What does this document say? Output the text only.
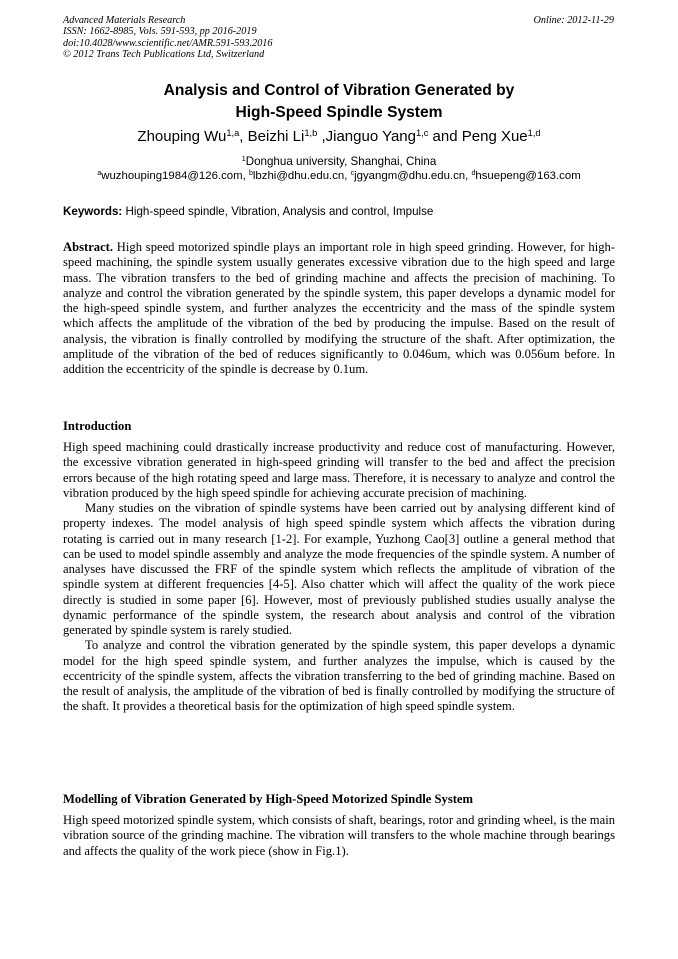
Advanced Materials Research
ISSN: 1662-8985, Vols. 591-593, pp 2016-2019
doi:10.4028/www.scientific.net/AMR.591-593.2016
© 2012 Trans Tech Publications Ltd, Switzerland
Online: 2012-11-29
Analysis and Control of Vibration Generated by
High-Speed Spindle System
Zhouping Wu$^{1,a}$, Beizhi Li$^{1,b}$ ,Jianguo Yang$^{1,c}$ and Peng Xue$^{1,d}$
$^1$Donghua university, Shanghai, China
$^a$wuzhouping1984@126.com, $^b$lbzhi@dhu.edu.cn, $^c$jgyangm@dhu.edu.cn, $^d$hsuepeng@163.com
Keywords: High-speed spindle, Vibration, Analysis and control, Impulse

Abstract. High speed motorized spindle plays an important role in high speed grinding. However, for high-speed machining, the spindle system usually generates excessive vibration due to the high speed and large mass. The vibration transfers to the bed of grinding machine and affects the precision of machining. To analyze and control the vibration generated by the spindle system, this paper develops a dynamic model for the high-speed spindle system, and further analyzes the eccentricity and the mass of the spindle system which affects the amplitude of the vibration of the bed by producing the impulse. Based on the result of analysis, the vibration is finally controlled by modifying the structure of the shaft. After optimization, the amplitude of the vibration of the bed of reduces significantly to 0.046um, which was 0.056um before. In addition the eccentricity of the spindle is decrease by 0.1um.

Introduction

High speed machining could drastically increase productivity and reduce cost of manufacturing. However, the excessive vibration generated in high-speed grinding will transfer to the bed and affect the precision errors because of the high rotating speed and large mass. Therefore, it is necessary to analyze and control the vibration produced by the high speed spindle for achieving accurate precision of machining.

Many studies on the vibration of spindle systems have been carried out by analysing different kind of property indexes. The model analysis of high speed spindle system which affects the vibration during rotating is carried out in many research [1-2]. For example, Yuzhong Cao[3] outline a general method that can be used to model spindle assembly and analyze the mode frequencies of the spindle system. A number of analyses have discussed the FRF of the spindle system which reflects the amplitude of vibration of the spindle system at different frequencies [4-5]. Also chatter which will affect the quality of the work piece directly is studied in some paper [6]. However, most of previously published studies usually analyse the dynamic performance of the spindle system, the research about analysis and control of the vibration generated by spindle system is rarely studied.

To analyze and control the vibration generated by the spindle system, this paper develops a dynamic model for the high speed spindle system, and further analyzes the impulse, which is caused by the eccentricity of the spindle system, affects the vibration transferring to the bed of grinding machine. Based on the result of analysis, the amplitude of the vibration of bed is finally controlled by modifying the structure of the shaft. It provides a theoretical basis for the optimization of high speed spindle system.

Modelling of Vibration Generated by High-Speed Motorized Spindle System

High speed motorized spindle system, which consists of shaft, bearings, rotor and grinding wheel, is the main vibration source of the grinding machine. The vibration will transfers to the whole machine through bearings and affects the quality of the work piece (show in Fig.1).
